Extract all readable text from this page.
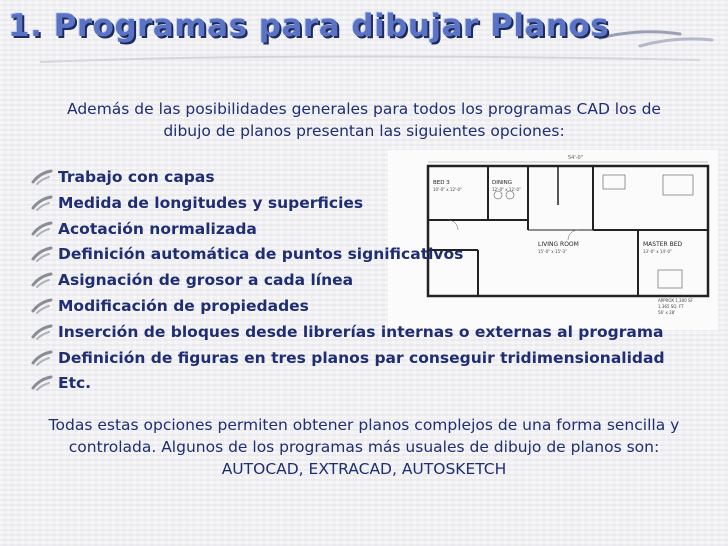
1. Programas para dibujar Planos
Además de las posibilidades generales para todos los programas CAD los de
dibujo de planos presentan las siguientes opciones:
54'-0"
BED 3
10'-0" x 12'-0"
DINING
12'-0" x 12'-0"
LIVING ROOM
15'-0" x 15'-3"
MASTER BED
13'-0" x 14'-0"
APPROX 1,300 SF
1,365 SQ. FT
56' x 28'
Trabajo con capas
Medida de longitudes y superficies
Acotación normalizada
Definición automática de puntos significativos
Asignación de grosor a cada línea
Modificación de propiedades
Inserción de bloques desde librerías internas o externas al programa
Definición de figuras en tres planos par conseguir tridimensionalidad
Etc.
Todas estas opciones permiten obtener planos complejos de una forma sencilla y
controlada. Algunos de los programas más usuales de dibujo de planos son:
AUTOCAD, EXTRACAD, AUTOSKETCH
